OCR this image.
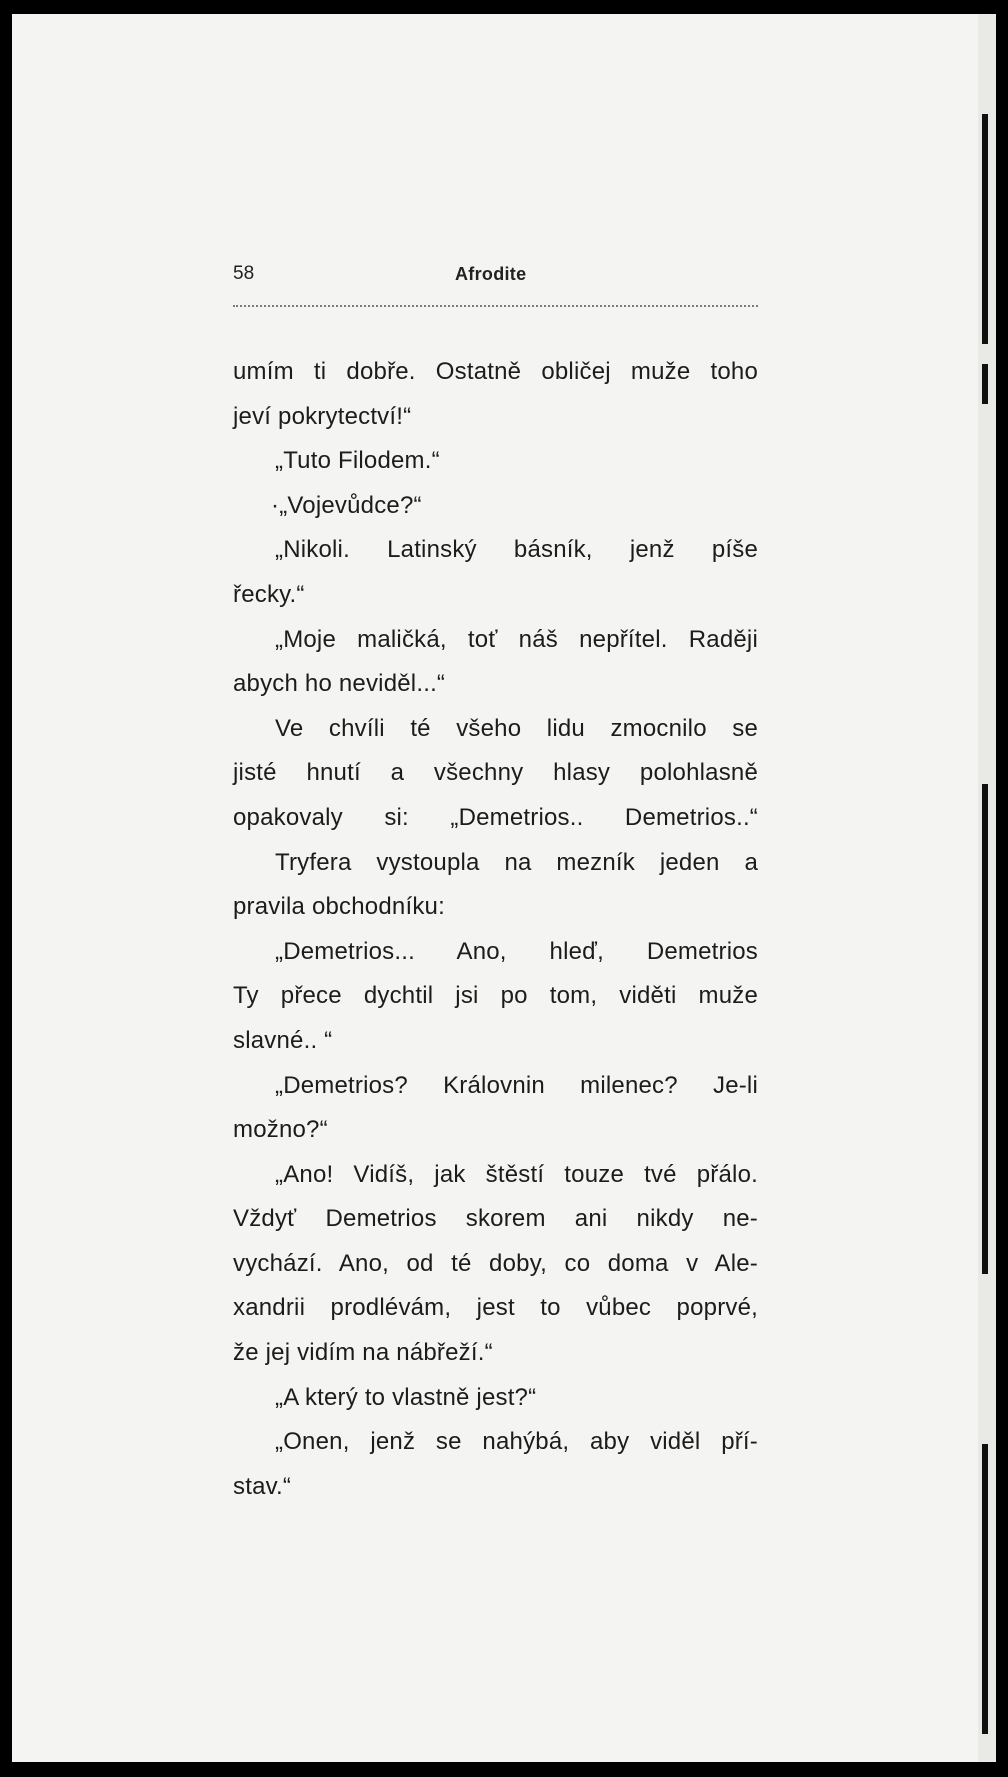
58	Afrodite
umím ti dobře. Ostatně obličej muže toho
jeví pokrytectví!“
„Tuto Filodem.“
·„Vojevůdce?“
„Nikoli. Latinský básník, jenž píše
řecky.“
„Moje maličká, toť náš nepřítel. Raději
abych ho neviděl...“
Ve chvíli té všeho lidu zmocnilo se
jisté hnutí a všechny hlasy polohlasně
opakovaly si: „Demetrios.. Demetrios..“
Tryfera vystoupla na mezník jeden a
pravila obchodníku:
„Demetrios... Ano, hleď, Demetrios
Ty přece dychtil jsi po tom, viděti muže
slavné.. “
„Demetrios? Královnin milenec? Je-li
možno?“
„Ano! Vidíš, jak štěstí touze tvé přálo.
Vždyť Demetrios skorem ani nikdy ne-
vychází. Ano, od té doby, co doma v Ale-
xandrii prodlévám, jest to vůbec poprvé,
že jej vidím na nábřeží.“
„A který to vlastně jest?“
„Onen, jenž se nahýbá, aby viděl pří-
stav.“
